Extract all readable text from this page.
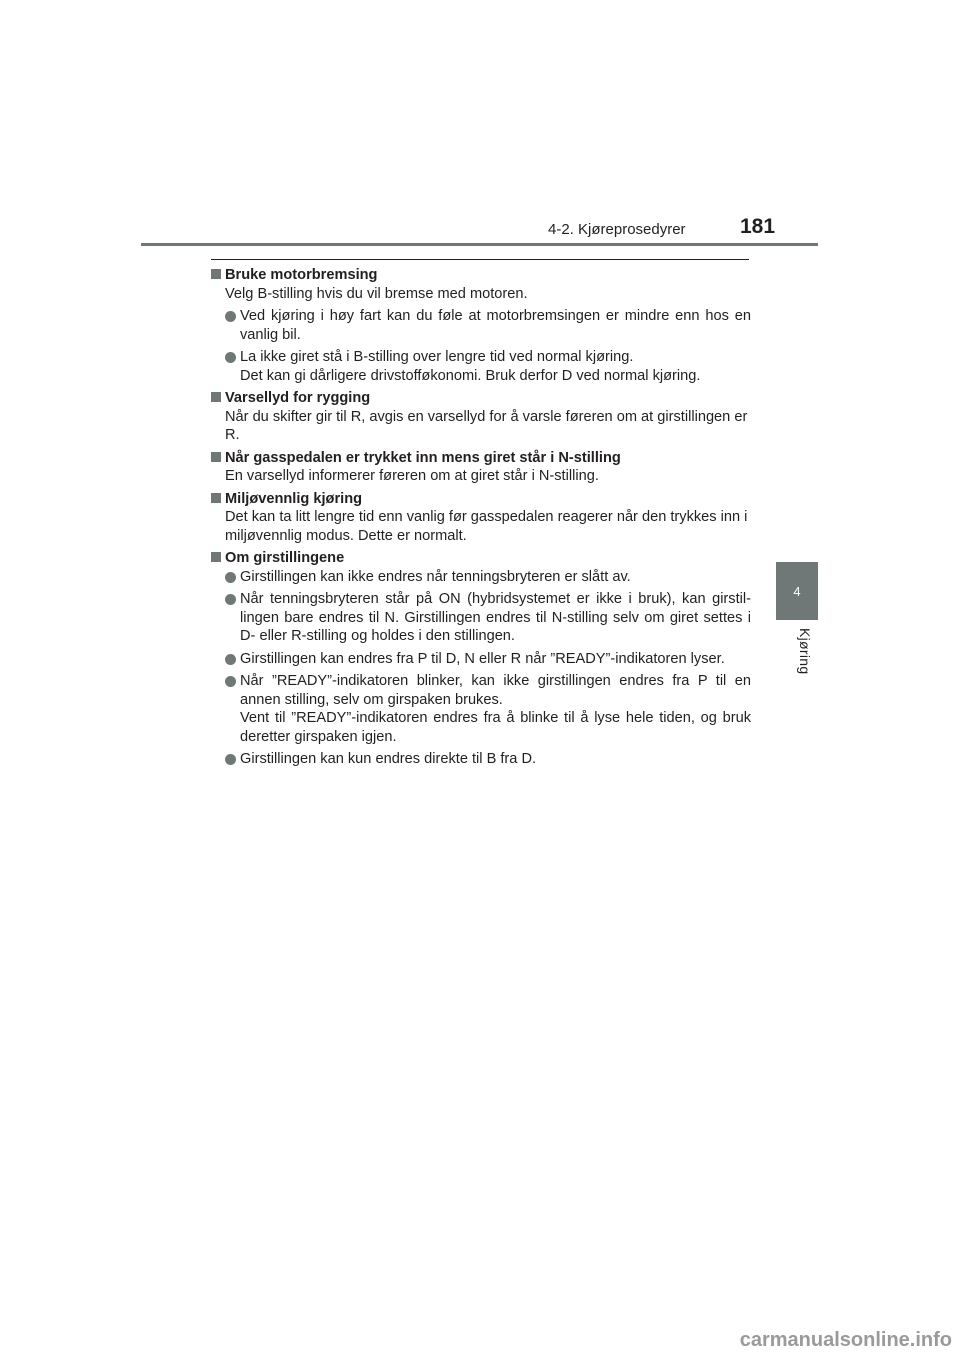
4-2. Kjøreprosedyrer	181
4
Kjøring
Bruke motorbremsing
Velg B-stilling hvis du vil bremse med motoren.
Ved kjøring i høy fart kan du føle at motorbremsingen er mindre enn hos en vanlig bil.
La ikke giret stå i B-stilling over lengre tid ved normal kjøring.
Det kan gi dårligere drivstofføkonomi. Bruk derfor D ved normal kjøring.
Varsellyd for rygging
Når du skifter gir til R, avgis en varsellyd for å varsle føreren om at girstillingen er R.
Når gasspedalen er trykket inn mens giret står i N-stilling
En varsellyd informerer føreren om at giret står i N-stilling.
Miljøvennlig kjøring
Det kan ta litt lengre tid enn vanlig før gasspedalen reagerer når den trykkes inn i miljøvennlig modus. Dette er normalt.
Om girstillingene
Girstillingen kan ikke endres når tenningsbryteren er slått av.
Når tenningsbryteren står på ON (hybridsystemet er ikke i bruk), kan girstil-lingen bare endres til N. Girstillingen endres til N-stilling selv om giret settes i D- eller R-stilling og holdes i den stillingen.
Girstillingen kan endres fra P til D, N eller R når ”READY”-indikatoren lyser.
Når ”READY”-indikatoren blinker, kan ikke girstillingen endres fra P til en annen stilling, selv om girspaken brukes.
Vent til ”READY”-indikatoren endres fra å blinke til å lyse hele tiden, og bruk deretter girspaken igjen.
Girstillingen kan kun endres direkte til B fra D.
carmanualsonline.info
